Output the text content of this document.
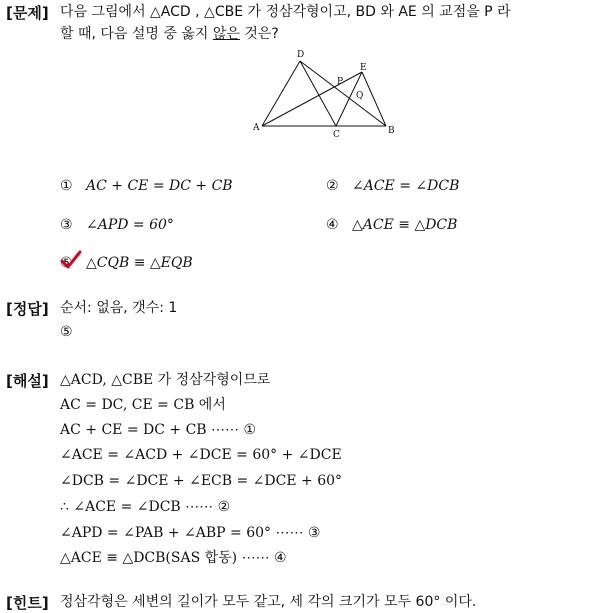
[문제] 다음 그림에서 △ACD , △CBE 가 정삼각형이고, BD 와 AE 의 교점을 P 라
할 때, 다음 설명 중 옳지 않은 것은?
A	B
C
D
E
P
Q
① AC + CE = DC + CB	② ∠ACE = ∠DCB
③ ∠APD = 60°	④ △ACE ≡ △DCB
⑤ △CQB ≡ △EQB
[정답] 순서: 없음, 갯수: 1
⑤
[해설] △ACD, △CBE 가 정삼각형이므로
AC = DC, CE = CB 에서
AC + CE = DC + CB ⋯⋯ ①
∠ACE = ∠ACD + ∠DCE = 60° + ∠DCE
∠DCB = ∠DCE + ∠ECB = ∠DCE + 60°
∴ ∠ACE = ∠DCB ⋯⋯ ②
∠APD = ∠PAB + ∠ABP = 60° ⋯⋯ ③
△ACE ≡ △DCB(SAS 합동) ⋯⋯ ④
[힌트] 정삼각형은 세변의 길이가 모두 같고, 세 각의 크기가 모두 60° 이다.
